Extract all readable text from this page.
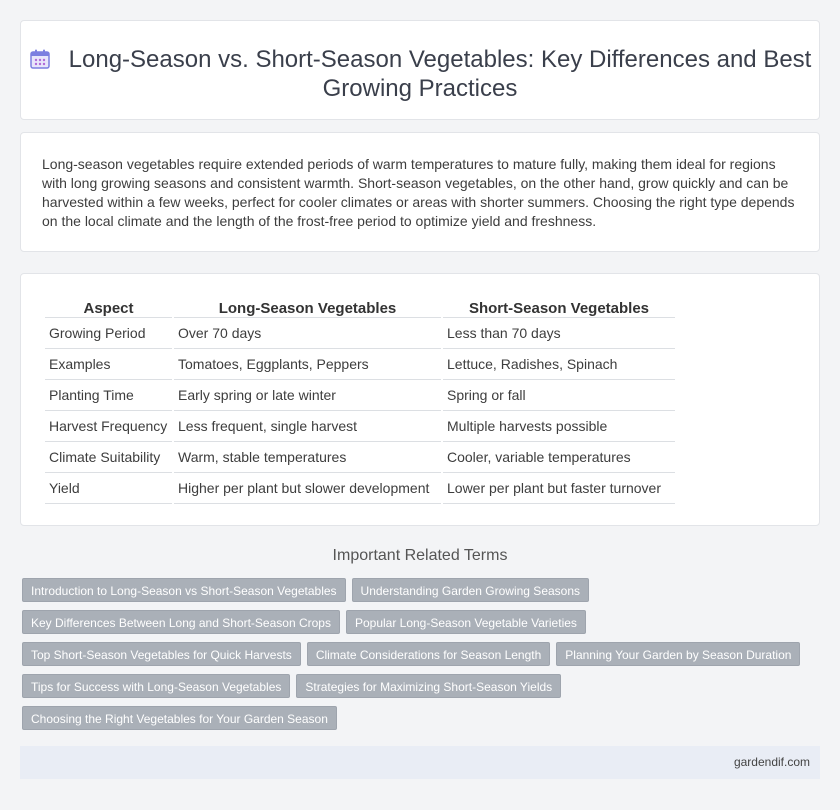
Long-Season vs. Short-Season Vegetables: Key Differences and Best Growing Practices

Long-season vegetables require extended periods of warm temperatures to mature fully, making them ideal for regions with long growing seasons and consistent warmth. Short-season vegetables, on the other hand, grow quickly and can be harvested within a few weeks, perfect for cooler climates or areas with shorter summers. Choosing the right type depends on the local climate and the length of the frost-free period to optimize yield and freshness.

Aspect	Long-Season Vegetables	Short-Season Vegetables
Growing Period	Over 70 days	Less than 70 days
Examples	Tomatoes, Eggplants, Peppers	Lettuce, Radishes, Spinach
Planting Time	Early spring or late winter	Spring or fall
Harvest Frequency	Less frequent, single harvest	Multiple harvests possible
Climate Suitability	Warm, stable temperatures	Cooler, variable temperatures
Yield	Higher per plant but slower development	Lower per plant but faster turnover
Important Related Terms
Introduction to Long-Season vs Short-Season Vegetables	Understanding Garden Growing Seasons
Key Differences Between Long and Short-Season Crops	Popular Long-Season Vegetable Varieties
Top Short-Season Vegetables for Quick Harvests	Climate Considerations for Season Length	Planning Your Garden by Season Duration
Tips for Success with Long-Season Vegetables	Strategies for Maximizing Short-Season Yields
Choosing the Right Vegetables for Your Garden Season
gardendif.com
